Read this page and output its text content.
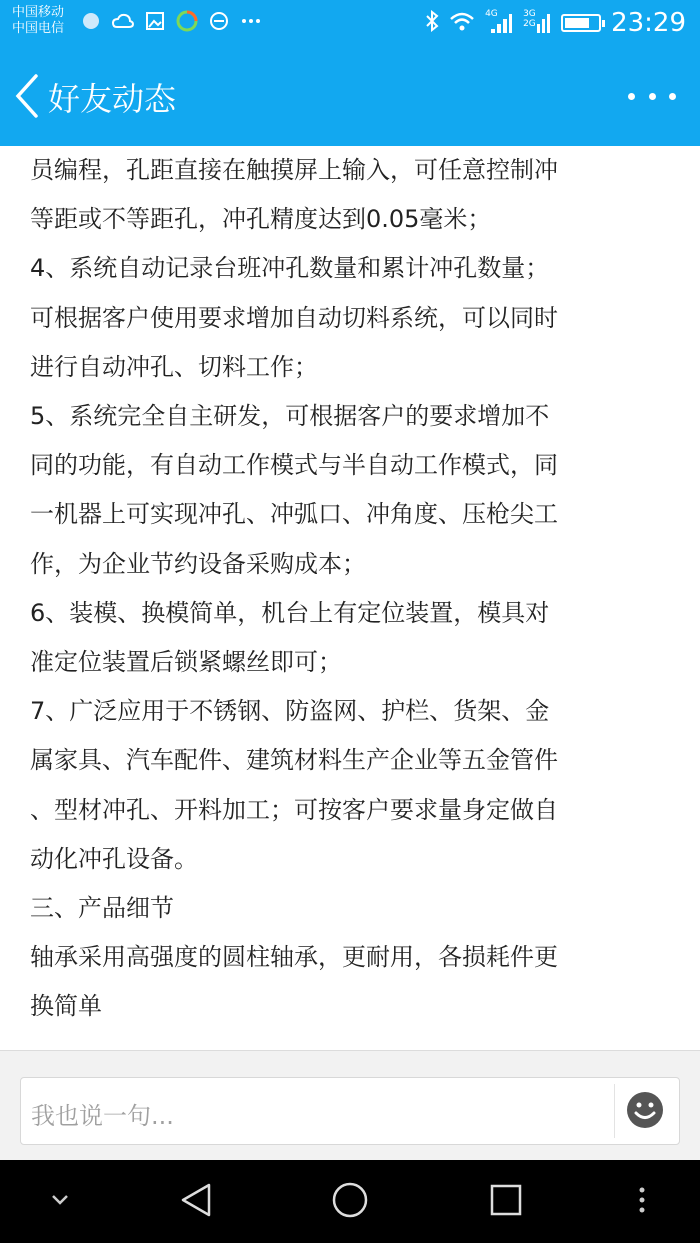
中国移动
中国电信
4G	3G 2G	23:29
好友动态

员编程，孔距直接在触摸屏上输入，可任意控制冲

等距或不等距孔，冲孔精度达到0.05毫米；

4、系统自动记录台班冲孔数量和累计冲孔数量；

可根据客户使用要求增加自动切料系统，可以同时

进行自动冲孔、切料工作；

5、系统完全自主研发，可根据客户的要求增加不

同的功能，有自动工作模式与半自动工作模式，同

一机器上可实现冲孔、冲弧口、冲角度、压枪尖工

作，为企业节约设备采购成本；

6、装模、换模简单，机台上有定位装置，模具对

准定位装置后锁紧螺丝即可；

7、广泛应用于不锈钢、防盗网、护栏、货架、金

属家具、汽车配件、建筑材料生产企业等五金管件

、型材冲孔、开料加工；可按客户要求量身定做自

动化冲孔设备。

三、产品细节

轴承采用高强度的圆柱轴承，更耐用，各损耗件更

换简单

我也说一句...
